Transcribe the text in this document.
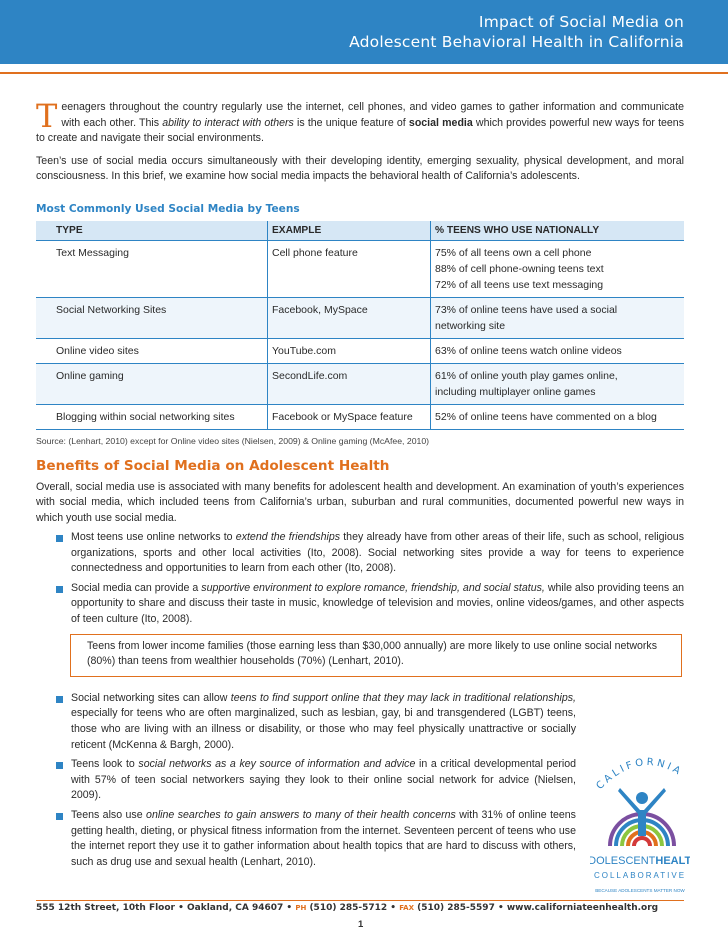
Impact of Social Media on
Adolescent Behavioral Health in California

Teenagers throughout the country regularly use the internet, cell phones, and video games to gather information and communicate with each other. This ability to interact with others is the unique feature of social media which provides powerful new ways for teens to create and navigate their social environments.

Teen’s use of social media occurs simultaneously with their developing identity, emerging sexuality, physical development, and moral consciousness. In this brief, we examine how social media impacts the behavioral health of California’s adolescents.

Most Commonly Used Social Media by Teens

TYPE	EXAMPLE	% TEENS WHO USE NATIONALLY
Text Messaging	Cell phone feature	75% of all teens own a cell phone
88% of cell phone-owning teens text
72% of all teens use text messaging

Social Networking Sites	Facebook, MySpace	73% of online teens have used a social
networking site

Online video sites	YouTube.com	63% of online teens watch online videos

Online gaming	SecondLife.com	61% of online youth play games online,
including multiplayer online games

Blogging within social networking sites	Facebook or MySpace feature	52% of online teens have commented on a blog

Source: (Lenhart, 2010) except for Online video sites (Nielsen, 2009) & Online gaming (McAfee, 2010)

Benefits of Social Media on Adolescent Health

Overall, social media use is associated with many benefits for adolescent health and development. An examination of youth’s experiences with social media, which included teens from California’s urban, suburban and rural communities, documented powerful new ways in which youth use social media.

Most teens use online networks to extend the friendships they already have from other areas of their life, such as school, religious organizations, sports and other local activities (Ito, 2008). Social networking sites provide a way for teens to experience connectedness and opportunities to learn from each other (Ito, 2008).
Social media can provide a supportive environment to explore romance, friendship, and social status, while also providing teens an opportunity to share and discuss their taste in music, knowledge of television and movies, online videos/games, and other aspects of teen culture (Ito, 2008).
Teens from lower income families (those earning less than $30,000 annually) are more likely to use online social networks (80%) than teens from wealthier households (70%) (Lenhart, 2010).
Social networking sites can allow teens to find support online that they may lack in traditional relationships, especially for teens who are often marginalized, such as lesbian, gay, bi and transgendered (LGBT) teens, those who are living with an illness or disability, or those who may feel physically unattractive or socially reticent (McKenna & Bargh, 2000).
Teens look to social networks as a key source of information and advice in a critical developmental period with 57% of teen social networkers saying they look to their online social network for advice (Nielsen, 2009).
Teens also use online searches to gain answers to many of their health concerns with 31% of online teens getting health, dieting, or physical fitness information from the internet. Seventeen percent of teens who use the internet report they use it to gather information about health topics that are hard to discuss with others, such as drug use and sexual health (Lenhart, 2010).
CALIFORNIA
DOLESCENTHEALT
COLLABORATIVE
BECAUSE ADOLESCENTS MATTER NOW
555 12th Street, 10th Floor • Oakland, CA 94607 • PH (510) 285-5712 • FAX (510) 285-5597 • www.californiateenhealth.org
1
